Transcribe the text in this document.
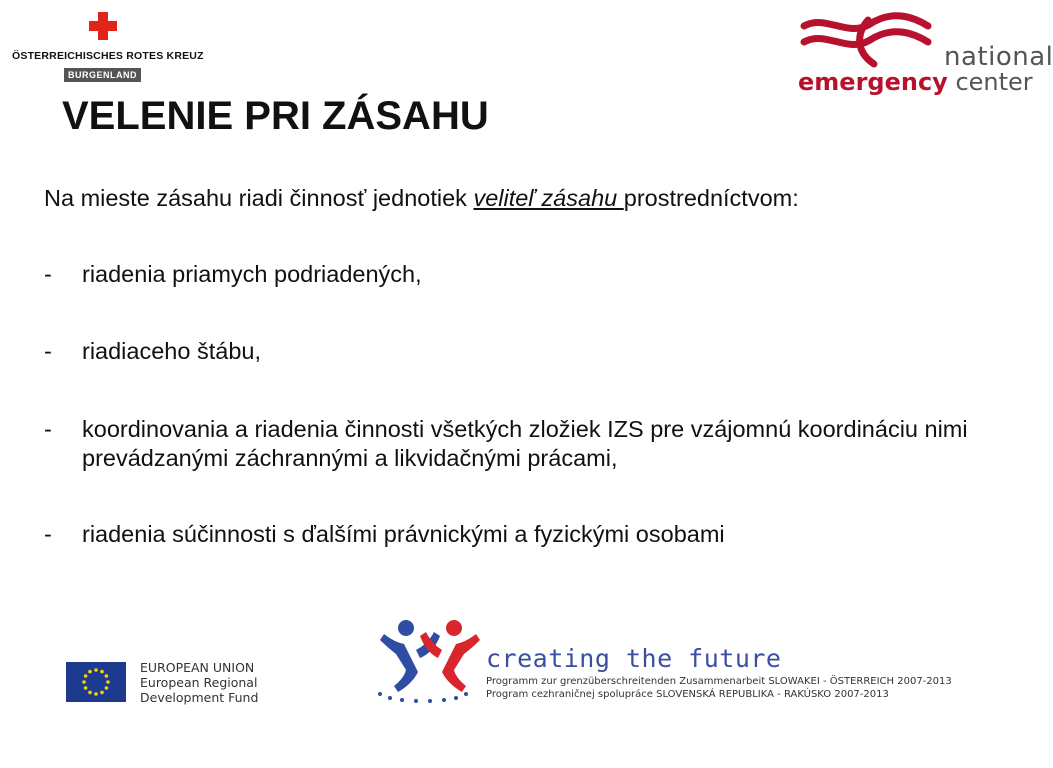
ÖSTERREICHISCHES ROTES KREUZ
BURGENLAND
national
emergency center
VELENIE PRI ZÁSAHU

Na mieste zásahu riadi činnosť jednotiek veliteľ zásahu prostredníctvom:

- riadenia priamych podriadených,

- riadiaceho štábu,

- koordinovania a riadenia činnosti všetkých zložiek IZS pre vzájomnú koordináciu nimi prevádzanými záchrannými a likvidačnými prácami,

- riadenia súčinnosti s ďalšími právnickými a fyzickými osobami

EUROPEAN UNION
European Regional
Development Fund
creating the future
Programm zur grenzüberschreitenden Zusammenarbeit SLOWAKEI - ÖSTERREICH 2007-2013
Program cezhraničnej spolupráce SLOVENSKÁ REPUBLIKA - RAKÚSKO 2007-2013
